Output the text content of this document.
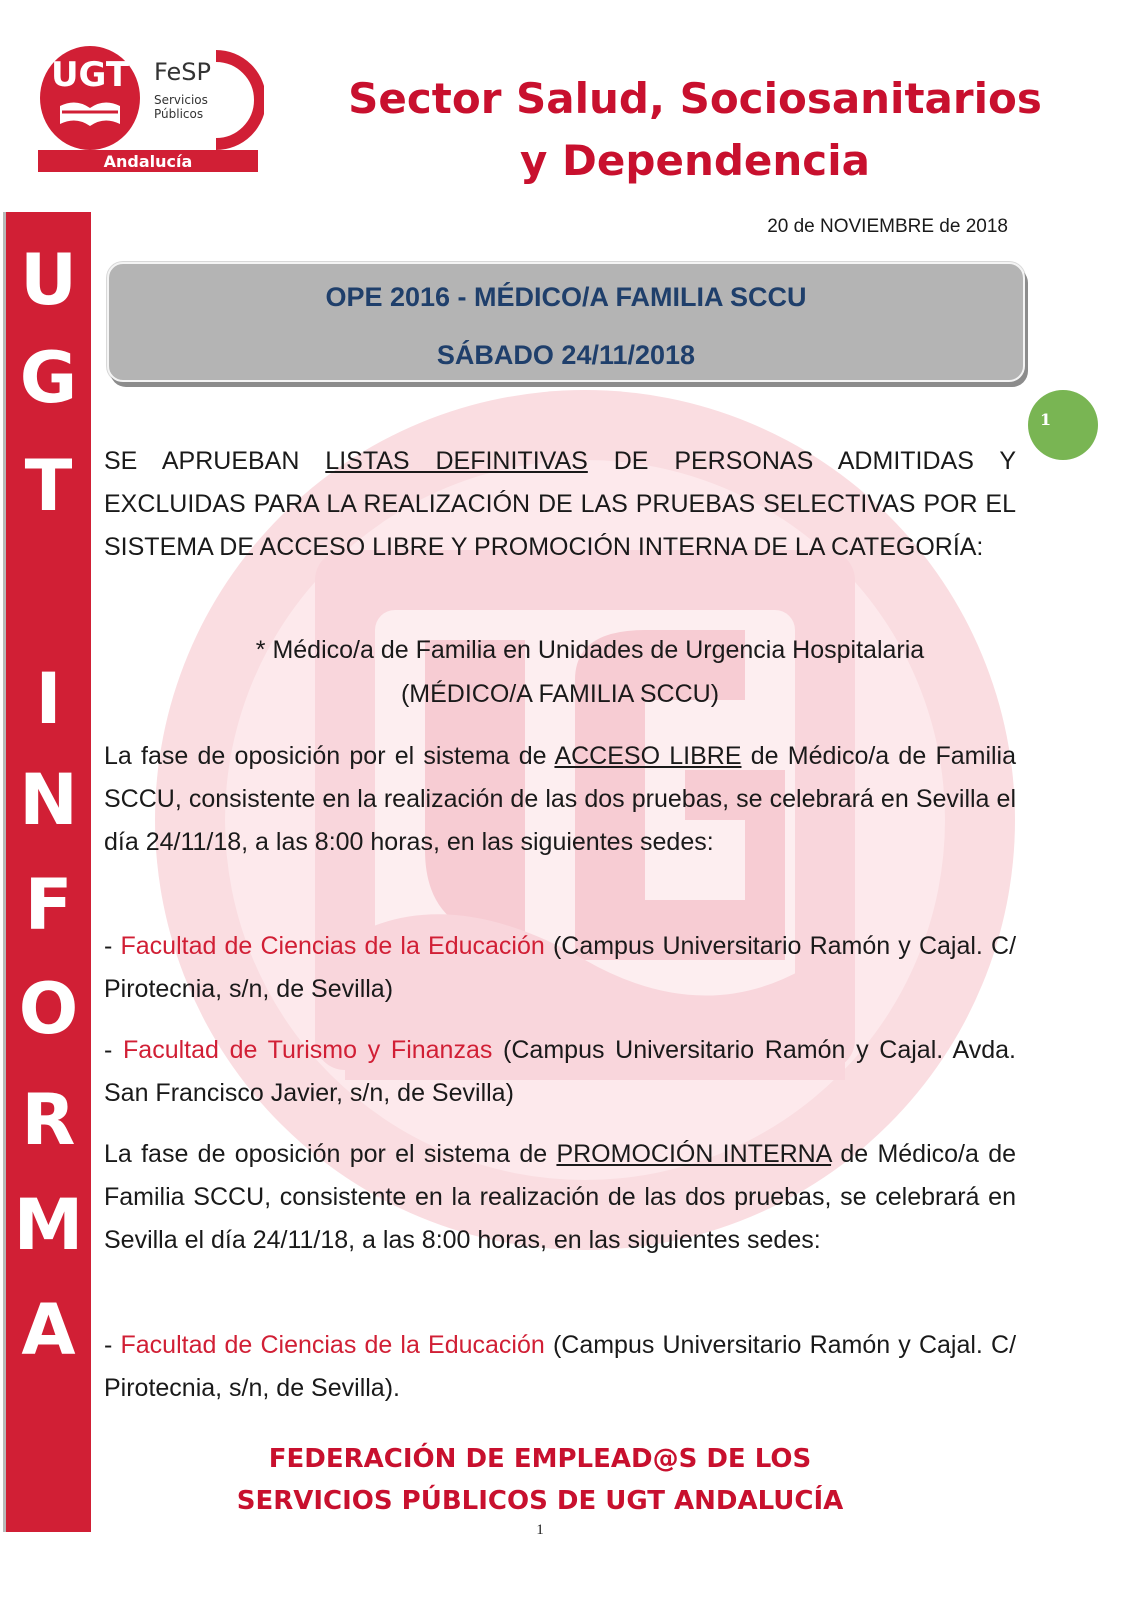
UGT FeSP
Servicios
Públicos
Andalucía
Sector Salud, Sociosanitarios
y Dependencia
20 de NOVIEMBRE de 2018
U
G
T
I
N
F
O
R
M
A
OPE 2016 - MÉDICO/A FAMILIA SCCU
SÁBADO 24/11/2018
1
SE APRUEBAN LISTAS DEFINITIVAS DE PERSONAS ADMITIDAS Y EXCLUIDAS PARA LA REALIZACIÓN DE LAS PRUEBAS SELECTIVAS POR EL SISTEMA DE ACCESO LIBRE Y PROMOCIÓN INTERNA DE LA CATEGORÍA:
* Médico/a de Familia en Unidades de Urgencia Hospitalaria
(MÉDICO/A FAMILIA SCCU)
La fase de oposición por el sistema de ACCESO LIBRE de Médico/a de Familia SCCU, consistente en la realización de las dos pruebas, se celebrará en Sevilla el día 24/11/18, a las 8:00 horas, en las siguientes sedes:
- Facultad de Ciencias de la Educación (Campus Universitario Ramón y Cajal. C/ Pirotecnia, s/n, de Sevilla)
- Facultad de Turismo y Finanzas (Campus Universitario Ramón y Cajal. Avda. San Francisco Javier, s/n, de Sevilla)
La fase de oposición por el sistema de PROMOCIÓN INTERNA de Médico/a de Familia SCCU, consistente en la realización de las dos pruebas, se celebrará en Sevilla el día 24/11/18, a las 8:00 horas, en las siguientes sedes:
- Facultad de Ciencias de la Educación (Campus Universitario Ramón y Cajal. C/ Pirotecnia, s/n, de Sevilla).
FEDERACIÓN DE EMPLEAD@S DE LOS
SERVICIOS PÚBLICOS DE UGT ANDALUCÍA
1
